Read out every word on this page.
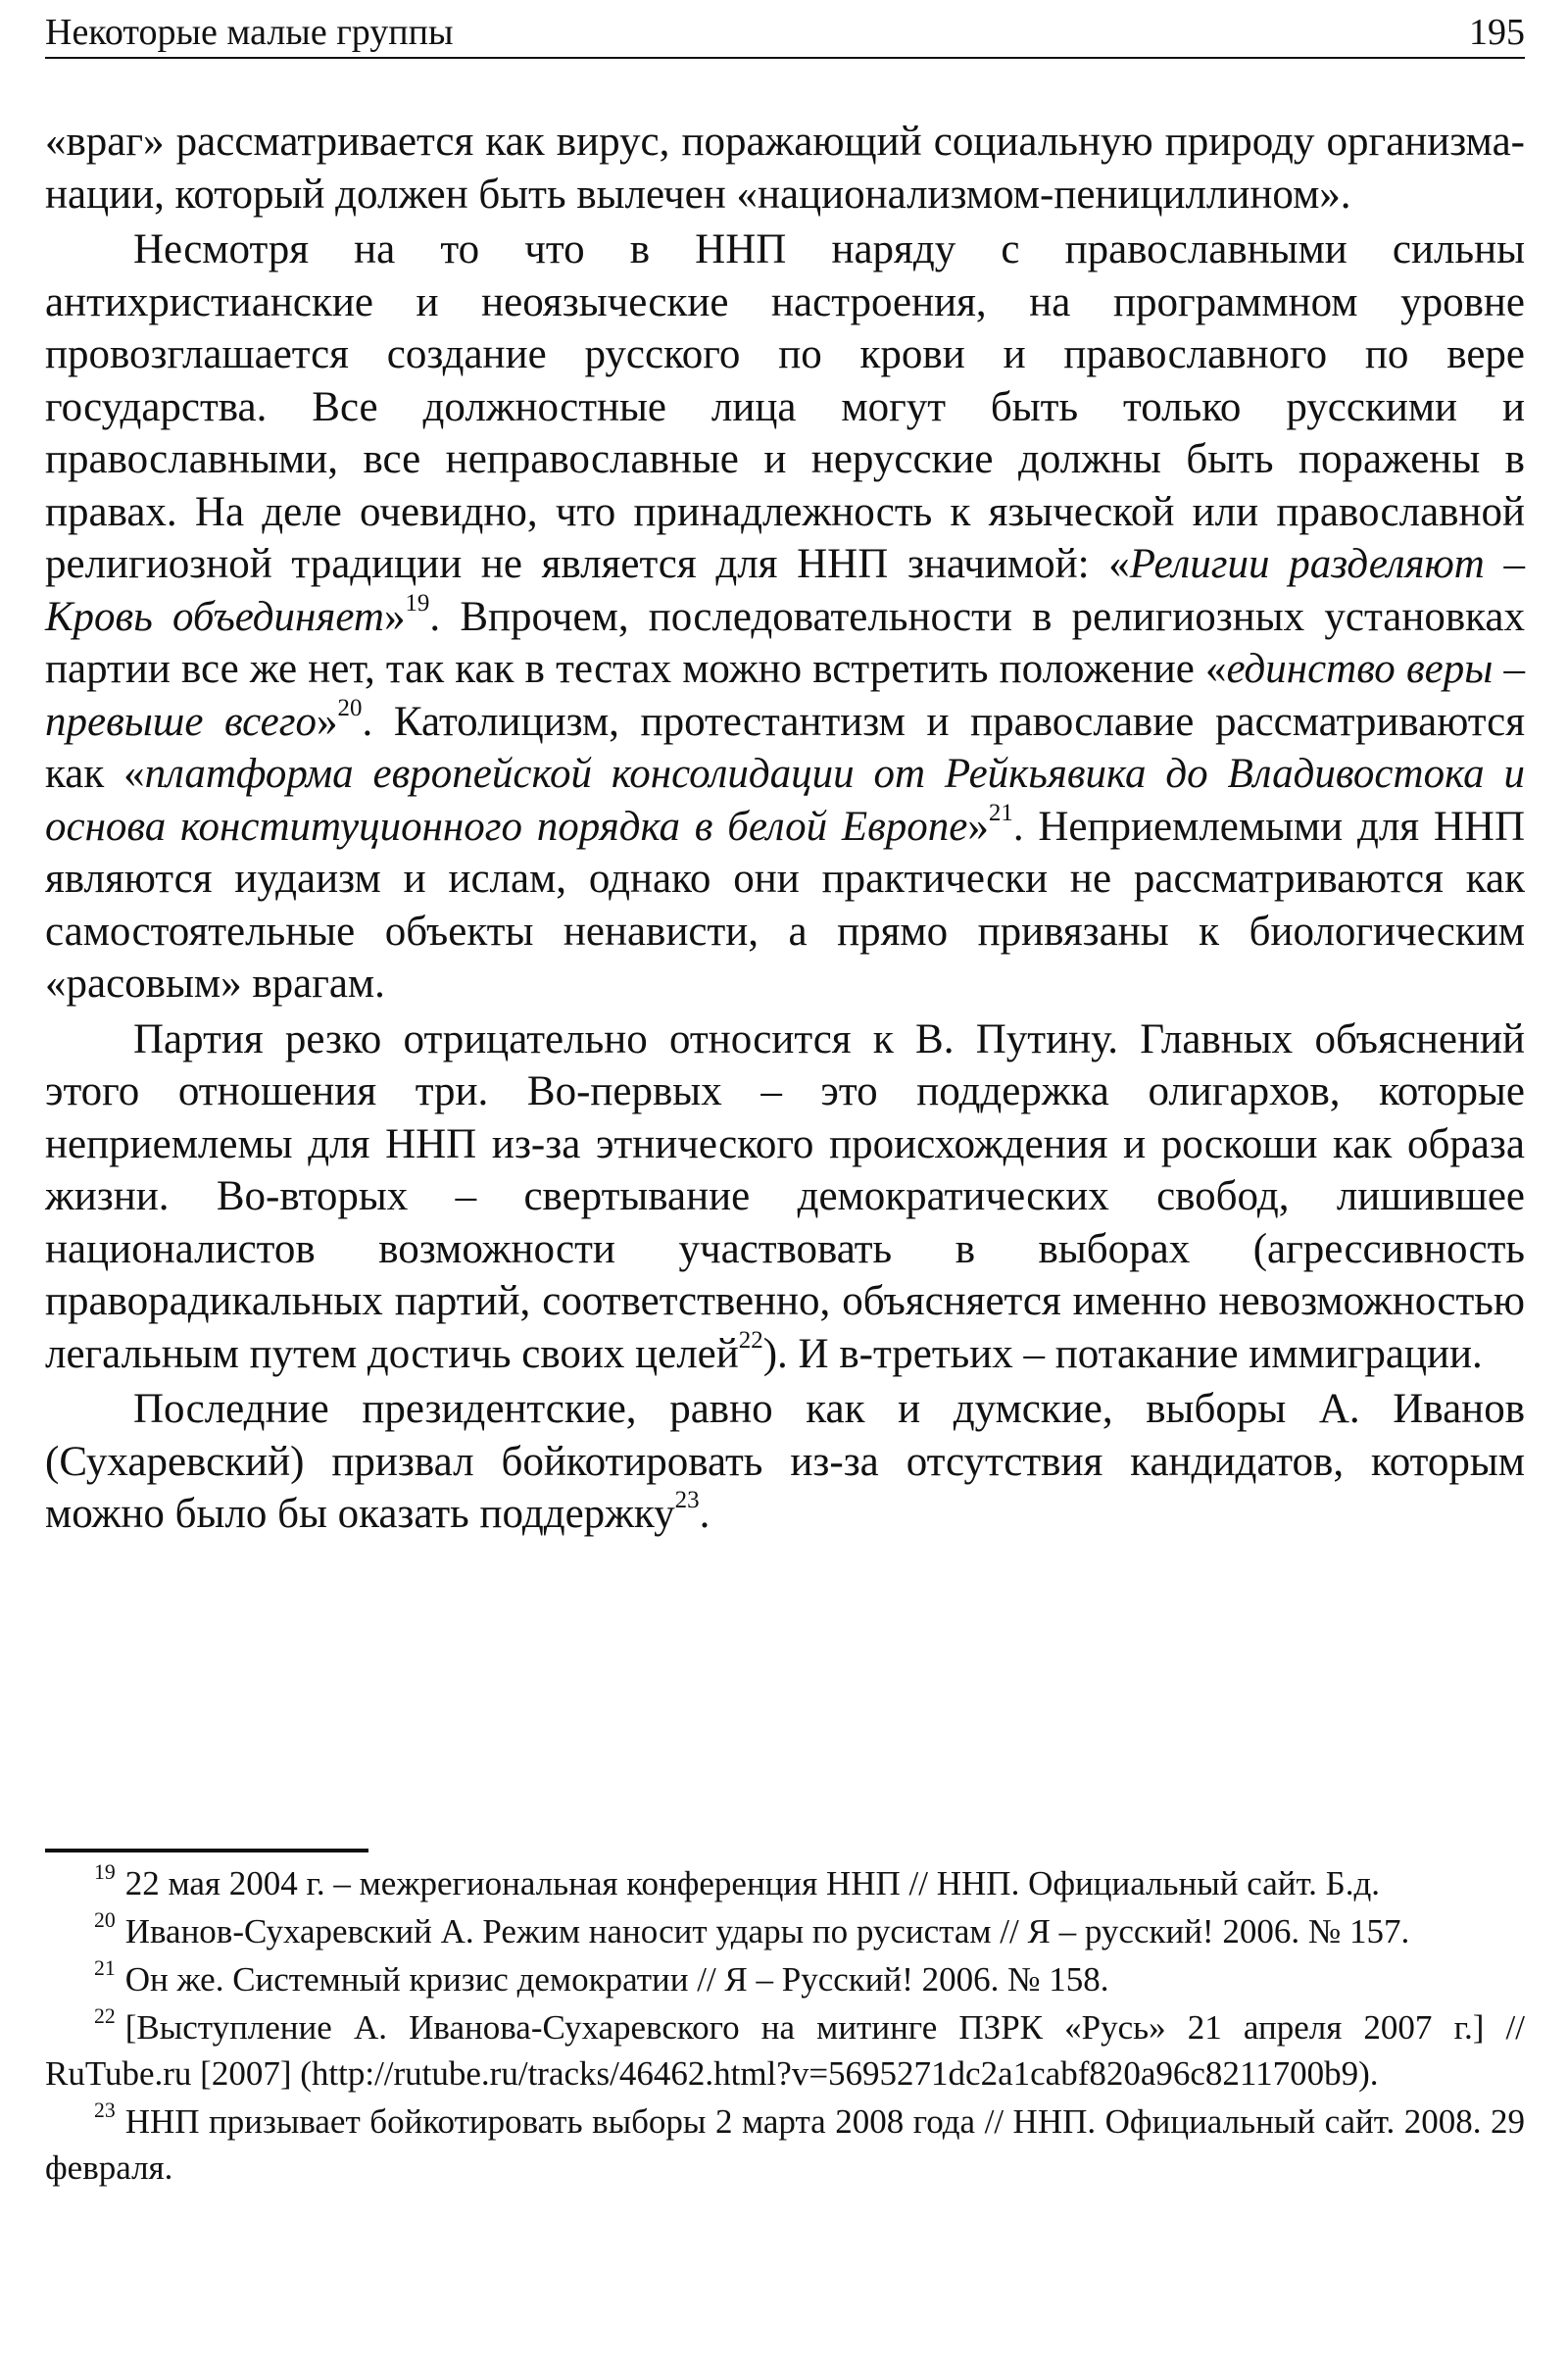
Некоторые малые группы	195

«враг» рассматривается как вирус, поражающий социальную природу организма-нации, который должен быть вылечен «национализмом-пенициллином».

Несмотря на то что в ННП наряду с православными сильны антихристианские и неоязыческие настроения, на программном уровне провозглашается создание русского по крови и православного по вере государства. Все должностные лица могут быть только русскими и православными, все неправославные и нерусские должны быть поражены в правах. На деле очевидно, что принадлежность к языческой или православной религиозной традиции не является для ННП значимой: «Религии разделяют – Кровь объединяет»$^{19}$. Впрочем, последовательности в религиозных установках партии все же нет, так как в тестах можно встретить положение «единство веры – превыше всего»$^{20}$. Католицизм, протестантизм и православие рассматриваются как «платформа европейской консолидации от Рейкьявика до Владивостока и основа конституционного порядка в белой Европе»$^{21}$. Неприемлемыми для ННП являются иудаизм и ислам, однако они практически не рассматриваются как самостоятельные объекты ненависти, а прямо привязаны к биологическим «расовым» врагам.

Партия резко отрицательно относится к В. Путину. Главных объяснений этого отношения три. Во-первых – это поддержка олигархов, которые неприемлемы для ННП из-за этнического происхождения и роскоши как образа жизни. Во-вторых – свертывание демократических свобод, лишившее националистов возможности участвовать в выборах (агрессивность праворадикальных партий, соответственно, объясняется именно невозможностью легальным путем достичь своих целей$^{22}$). И в-третьих – потакание иммиграции.

Последние президентские, равно как и думские, выборы А. Иванов (Сухаревский) призвал бойкотировать из-за отсутствия кандидатов, которым можно было бы оказать поддержку$^{23}$.

$^{19}$ 22 мая 2004 г. – межрегиональная конференция ННП // ННП. Официальный сайт. Б.д.

$^{20}$ Иванов-Сухаревский А. Режим наносит удары по русистам // Я – русский! 2006. № 157.

$^{21}$ Он же. Системный кризис демократии // Я – Русский! 2006. № 158.

$^{22}$ [Выступление А. Иванова-Сухаревского на митинге ПЗРК «Русь» 21 апреля 2007 г.] // RuTube.ru [2007] (http://rutube.ru/tracks/46462.html?v=5695271dc2a1cabf820a96c8211700b9).

$^{23}$ ННП призывает бойкотировать выборы 2 марта 2008 года // ННП. Официальный сайт. 2008. 29 февраля.
